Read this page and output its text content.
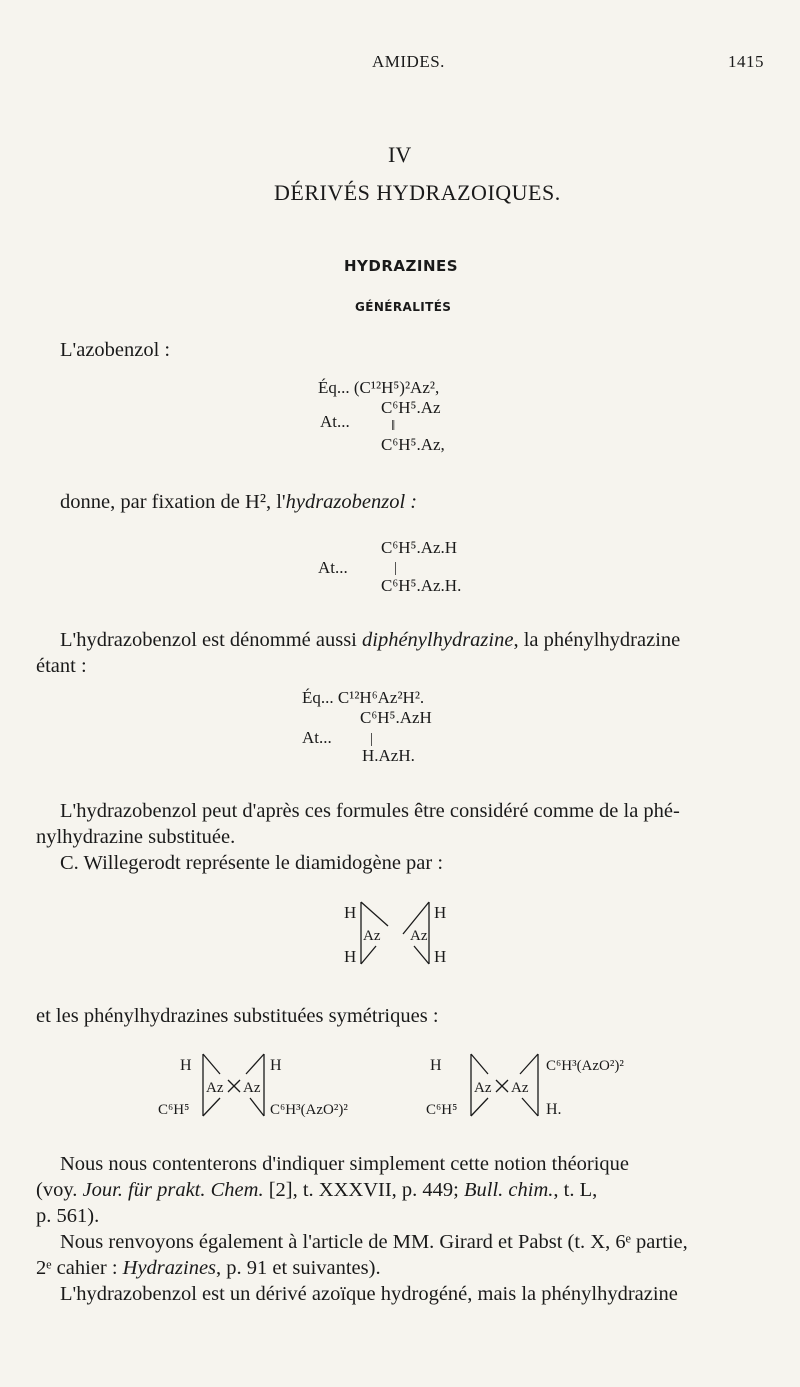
AMIDES.	1415
IV
DÉRIVÉS HYDRAZOIQUES.
HYDRAZINES
GÉNÉRALITÉS
L'azobenzol :
Éq... (C¹²H⁵)²Az²,
At...
C⁶H⁵.Az
‖
C⁶H⁵.Az,
donne, par fixation de H², l'hydrazobenzol :
C⁶H⁵.Az.H
At...	|
C⁶H⁵.Az.H.
L'hydrazobenzol est dénommé aussi diphénylhydrazine, la phénylhydrazine
étant :
Éq... C¹²H⁶Az²H².
C⁶H⁵.AzH
At...	|
H.AzH.
L'hydrazobenzol peut d'après ces formules être considéré comme de la phé-
nylhydrazine substituée.
C. Willegerodt représente le diamidogène par :
H	H
H	H
Az Az
et les phénylhydrazines substituées symétriques :
H	H
C⁶H⁵	C⁶H³(AzO²)²
Az Az
H	C⁶H³(AzO²)²
C⁶H⁵	H.
Az Az
Nous nous contenterons d'indiquer simplement cette notion théorique
(voy. Jour. für prakt. Chem. [2], t. XXXVII, p. 449; Bull. chim., t. L,
p. 561).
Nous renvoyons également à l'article de MM. Girard et Pabst (t. X, 6ᵉ partie,
2ᵉ cahier : Hydrazines, p. 91 et suivantes).
L'hydrazobenzol est un dérivé azoïque hydrogéné, mais la phénylhydrazine
